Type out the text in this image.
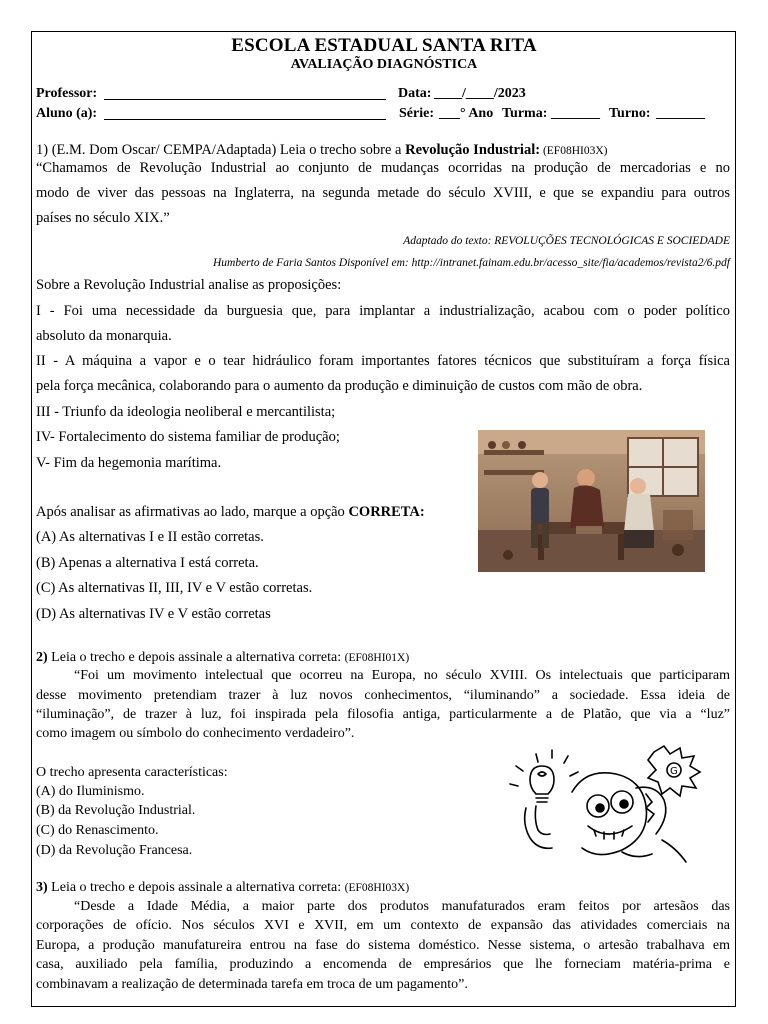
ESCOLA ESTADUAL SANTA RITA
AVALIAÇÃO DIAGNÓSTICA
Professor:	Data: ____/____/2023
Aluno (a):	Série: ___° Ano Turma: _______ Turno: _______
1) (E.M. Dom Oscar/ CEMPA/Adaptada) Leia o trecho sobre a Revolução Industrial: (EF08HI03X)
“Chamamos de Revolução Industrial ao conjunto de mudanças ocorridas na produção de mercadorias e no
modo de viver das pessoas na Inglaterra, na segunda metade do século XVIII, e que se expandiu para outros
países no século XIX.”
Adaptado do texto: REVOLUÇÕES TECNOLÓGICAS E SOCIEDADE
Humberto de Faria Santos Disponível em: http://intranet.fainam.edu.br/acesso_site/fia/academos/revista2/6.pdf
Sobre a Revolução Industrial analise as proposições:
I - Foi uma necessidade da burguesia que, para implantar a industrialização, acabou com o poder político
absoluto da monarquia.
II - A máquina a vapor e o tear hidráulico foram importantes fatores técnicos que substituíram a força física
pela força mecânica, colaborando para o aumento da produção e diminuição de custos com mão de obra.
III - Triunfo da ideologia neoliberal e mercantilista;
IV- Fortalecimento do sistema familiar de produção;
V- Fim da hegemonia marítima.
Após analisar as afirmativas ao lado, marque a opção CORRETA:
(A) As alternativas I e II estão corretas.
(B) Apenas a alternativa I está correta.
(C) As alternativas II, III, IV e V estão corretas.
(D) As alternativas IV e V estão corretas
2) Leia o trecho e depois assinale a alternativa correta: (EF08HI01X)
“Foi um movimento intelectual que ocorreu na Europa, no século XVIII. Os intelectuais que participaram
desse movimento pretendiam trazer à luz novos conhecimentos, “iluminando” a sociedade. Essa ideia de
“iluminação”, de trazer à luz, foi inspirada pela filosofia antiga, particularmente a de Platão, que via a “luz”
como imagem ou símbolo do conhecimento verdadeiro”.
O trecho apresenta características:
(A) do Iluminismo.
(B) da Revolução Industrial.
(C) do Renascimento.
(D) da Revolução Francesa.
G
3) Leia o trecho e depois assinale a alternativa correta: (EF08HI03X)
“Desde a Idade Média, a maior parte dos produtos manufaturados eram feitos por artesãos das
corporações de ofício. Nos séculos XVI e XVII, em um contexto de expansão das atividades comerciais na
Europa, a produção manufatureira entrou na fase do sistema doméstico. Nesse sistema, o artesão trabalhava em
casa, auxiliado pela família, produzindo a encomenda de empresários que lhe forneciam matéria-prima e
combinavam a realização de determinada tarefa em troca de um pagamento”.
